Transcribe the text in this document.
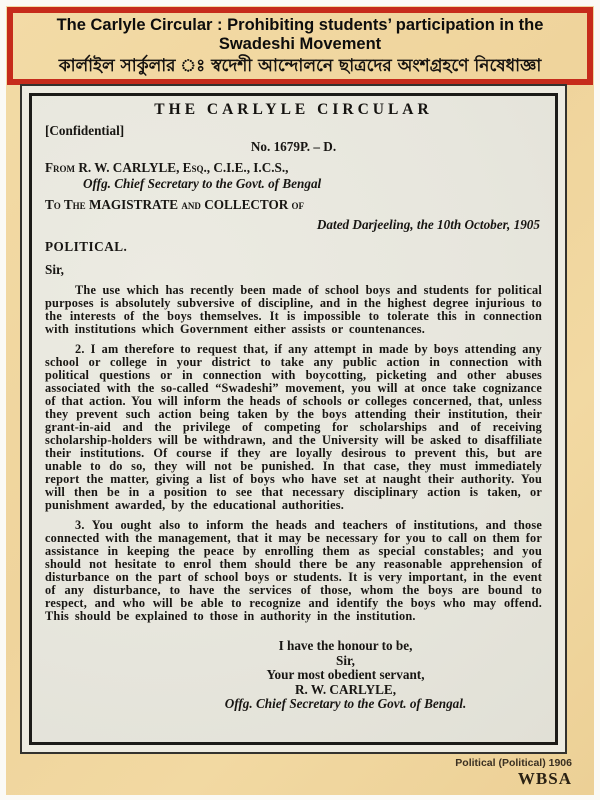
The Carlyle Circular : Prohibiting students’ participation in the
Swadeshi Movement
কার্লাইল সার্কুলার ঃ স্বদেশী আন্দোলনে ছাত্রদের অংশগ্রহণে নিষেধাজ্ঞা
THE CARLYLE CIRCULAR
[Confidential]
No. 1679P. – D.
From R. W. CARLYLE, Esq., C.I.E., I.C.S.,
Offg. Chief Secretary to the Govt. of Bengal
To The MAGISTRATE and COLLECTOR of
Dated Darjeeling, the 10th October, 1905
POLITICAL.
Sir,

The use which has recently been made of school boys and students for political purposes is absolutely subversive of discipline, and in the highest degree injurious to the interests of the boys themselves. It is impossible to tolerate this in connection with institutions which Government either assists or countenances.

2. I am therefore to request that, if any attempt in made by boys attending any school or college in your district to take any public action in connection with political questions or in connection with boycotting, picketing and other abuses associated with the so-called “Swadeshi” movement, you will at once take cognizance of that action. You will inform the heads of schools or colleges concerned, that, unless they prevent such action being taken by the boys attending their institution, their grant-in-aid and the privilege of competing for scholarships and of receiving scholarship-holders will be withdrawn, and the University will be asked to disaffiliate their institutions. Of course if they are loyally desirous to prevent this, but are unable to do so, they will not be punished. In that case, they must immediately report the matter, giving a list of boys who have set at naught their authority. You will then be in a position to see that necessary disciplinary action is taken, or punishment awarded, by the educational authorities.

3. You ought also to inform the heads and teachers of institutions, and those connected with the management, that it may be necessary for you to call on them for assistance in keeping the peace by enrolling them as special constables; and you should not hesitate to enrol them should there be any reasonable apprehension of disturbance on the part of school boys or students. It is very important, in the event of any disturbance, to have the services of those, whom the boys are bound to respect, and who will be able to recognize and identify the boys who may offend. This should be explained to those in authority in the institution.

I have the honour to be,
Sir,
Your most obedient servant,
R. W. CARLYLE,
Offg. Chief Secretary to the Govt. of Bengal.
Political (Political) 1906
WBSA
